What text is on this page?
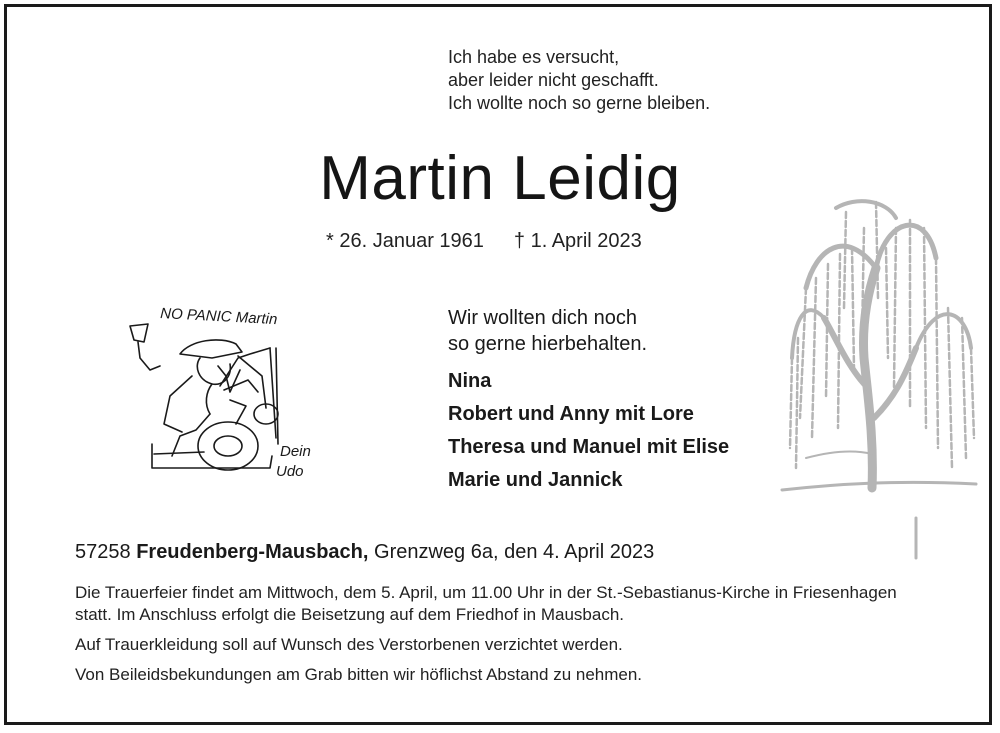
Ich habe es versucht,
aber leider nicht geschafft.
Ich wollte noch so gerne bleiben.
Martin Leidig
* 26. Januar 1961 † 1. April 2023
NO PANIC Martin
Dein
Udo
Wir wollten dich noch
so gerne hierbehalten.
Nina
Robert und Anny mit Lore
Theresa und Manuel mit Elise
Marie und Jannick
57258 Freudenberg-Mausbach, Grenzweg 6a, den 4. April 2023

Die Trauerfeier findet am Mittwoch, dem 5. April, um 11.00 Uhr in der St.-Sebastianus-Kirche in Friesenhagen statt. Im Anschluss erfolgt die Beisetzung auf dem Friedhof in Mausbach.

Auf Trauerkleidung soll auf Wunsch des Verstorbenen verzichtet werden.

Von Beileidsbekundungen am Grab bitten wir höflichst Abstand zu nehmen.
